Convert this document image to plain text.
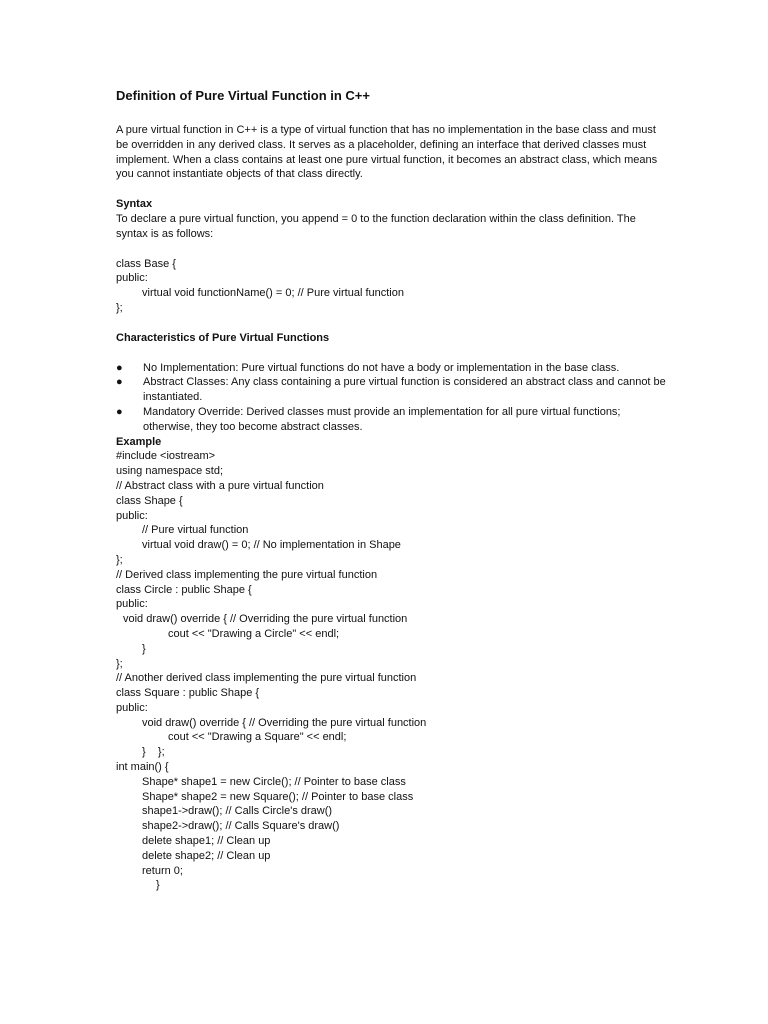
Definition of Pure Virtual Function in C++

A pure virtual function in C++ is a type of virtual function that has no implementation in the base class and must be overridden in any derived class. It serves as a placeholder, defining an interface that derived classes must implement. When a class contains at least one pure virtual function, it becomes an abstract class, which means you cannot instantiate objects of that class directly.

Syntax

To declare a pure virtual function, you append = 0 to the function declaration within the class definition. The syntax is as follows:

class Base {
public:
virtual void functionName() = 0; // Pure virtual function
};
Characteristics of Pure Virtual Functions
● No Implementation: Pure virtual functions do not have a body or implementation in the base class.
● Abstract Classes: Any class containing a pure virtual function is considered an abstract class and cannot be instantiated.
● Mandatory Override: Derived classes must provide an implementation for all pure virtual functions; otherwise, they too become abstract classes.
Example
#include <iostream>
using namespace std;
// Abstract class with a pure virtual function
class Shape {
public:
// Pure virtual function
virtual void draw() = 0; // No implementation in Shape
};
// Derived class implementing the pure virtual function
class Circle : public Shape {
public:
void draw() override { // Overriding the pure virtual function
cout << "Drawing a Circle" << endl;
}
};
// Another derived class implementing the pure virtual function
class Square : public Shape {
public:
void draw() override { // Overriding the pure virtual function
cout << "Drawing a Square" << endl;
}    };
int main() {
Shape* shape1 = new Circle(); // Pointer to base class
Shape* shape2 = new Square(); // Pointer to base class
shape1->draw(); // Calls Circle's draw()
shape2->draw(); // Calls Square's draw()
delete shape1; // Clean up
delete shape2; // Clean up
return 0;
}
